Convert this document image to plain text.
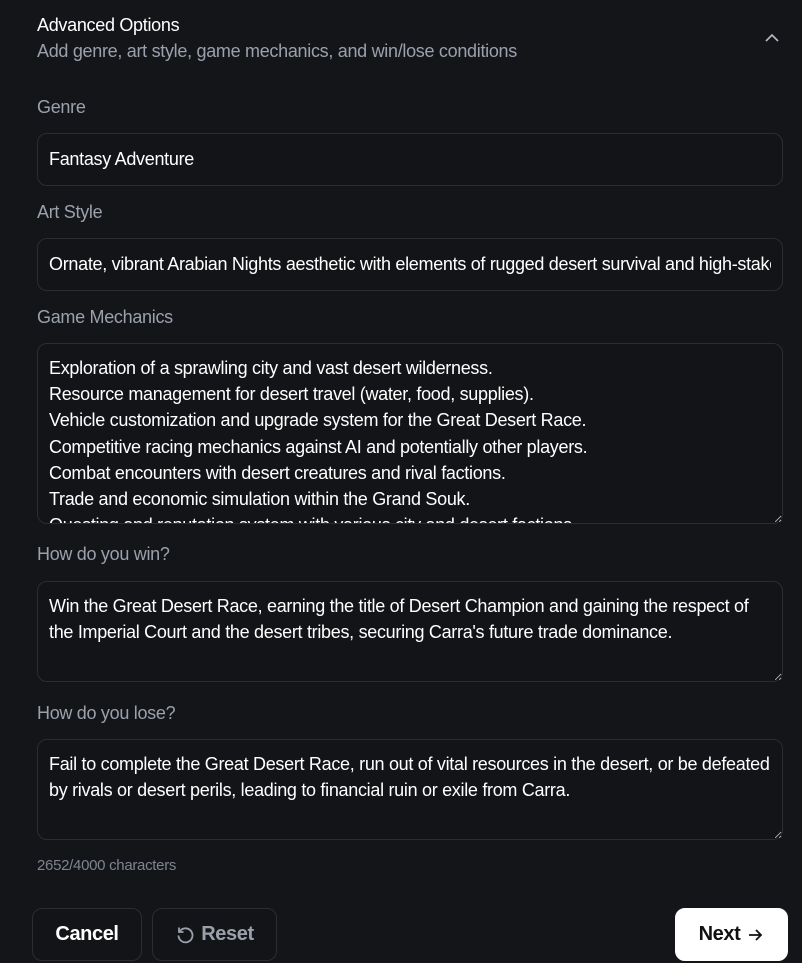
Advanced Options
Add genre, art style, game mechanics, and win/lose conditions
Genre
Fantasy Adventure
Art Style
Ornate, vibrant Arabian Nights aesthetic with elements of rugged desert survival and high-stakes racing.
Game Mechanics
Exploration of a sprawling city and vast desert wilderness. Resource management for desert travel (water, food, supplies). Vehicle customization and upgrade system for the Great Desert Race. Competitive racing mechanics against AI and potentially other players. Combat encounters with desert creatures and rival factions. Trade and economic simulation within the Grand Souk. Questing and reputation system with various city and desert factions.
How do you win?
Win the Great Desert Race, earning the title of Desert Champion and gaining the respect of the Imperial Court and the desert tribes, securing Carra's future trade dominance.
How do you lose?
Fail to complete the Great Desert Race, run out of vital resources in the desert, or be defeated by rivals or desert perils, leading to financial ruin or exile from Carra.
2652/4000 characters
Cancel	Reset	Next
